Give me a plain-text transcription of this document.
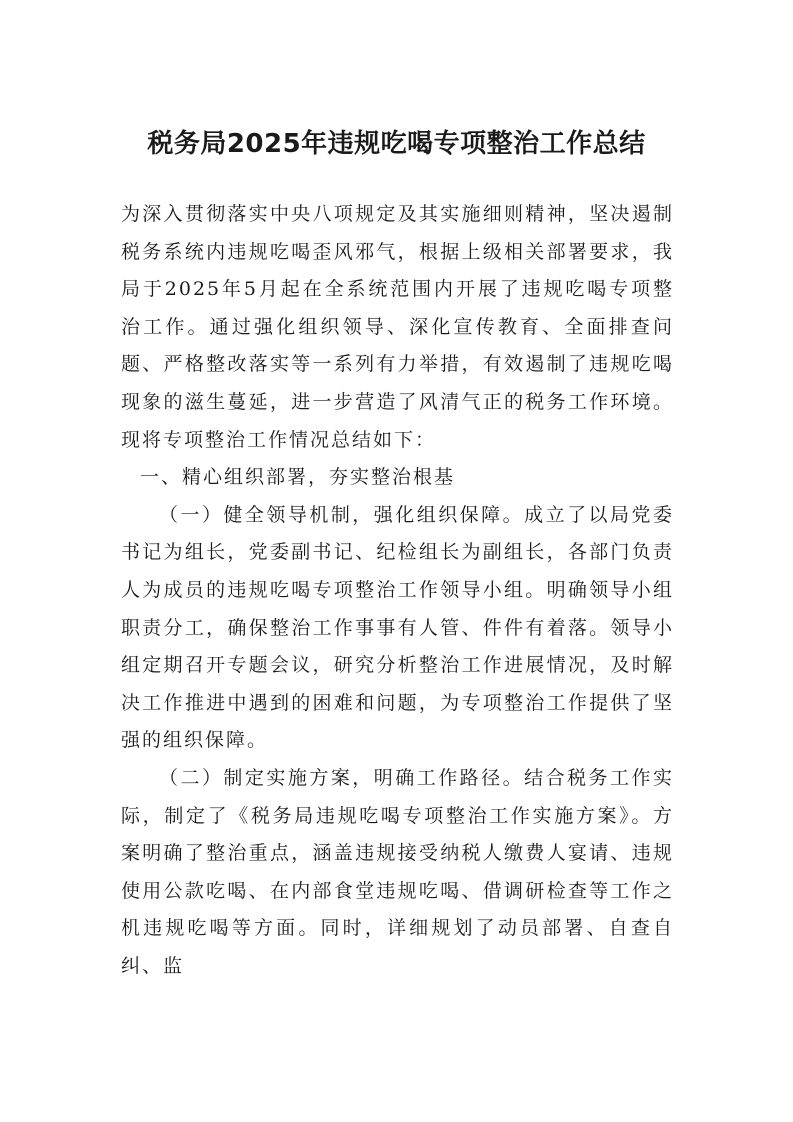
税务局2025年违规吃喝专项整治工作总结

为深入贯彻落实中央八项规定及其实施细则精神，坚决遏制税务系统内违规吃喝歪风邪气，根据上级相关部署要求，我局于2025年5月起在全系统范围内开展了违规吃喝专项整治工作。通过强化组织领导、深化宣传教育、全面排查问题、严格整改落实等一系列有力举措，有效遏制了违规吃喝现象的滋生蔓延，进一步营造了风清气正的税务工作环境。现将专项整治工作情况总结如下：

一、精心组织部署，夯实整治根基

（一）健全领导机制，强化组织保障。成立了以局党委书记为组长，党委副书记、纪检组长为副组长，各部门负责人为成员的违规吃喝专项整治工作领导小组。明确领导小组职责分工，确保整治工作事事有人管、件件有着落。领导小组定期召开专题会议，研究分析整治工作进展情况，及时解决工作推进中遇到的困难和问题，为专项整治工作提供了坚强的组织保障。

（二）制定实施方案，明确工作路径。结合税务工作实际，制定了《税务局违规吃喝专项整治工作实施方案》。方案明确了整治重点，涵盖违规接受纳税人缴费人宴请、违规使用公款吃喝、在内部食堂违规吃喝、借调研检查等工作之机违规吃喝等方面。同时，详细规划了动员部署、自查自纠、监
